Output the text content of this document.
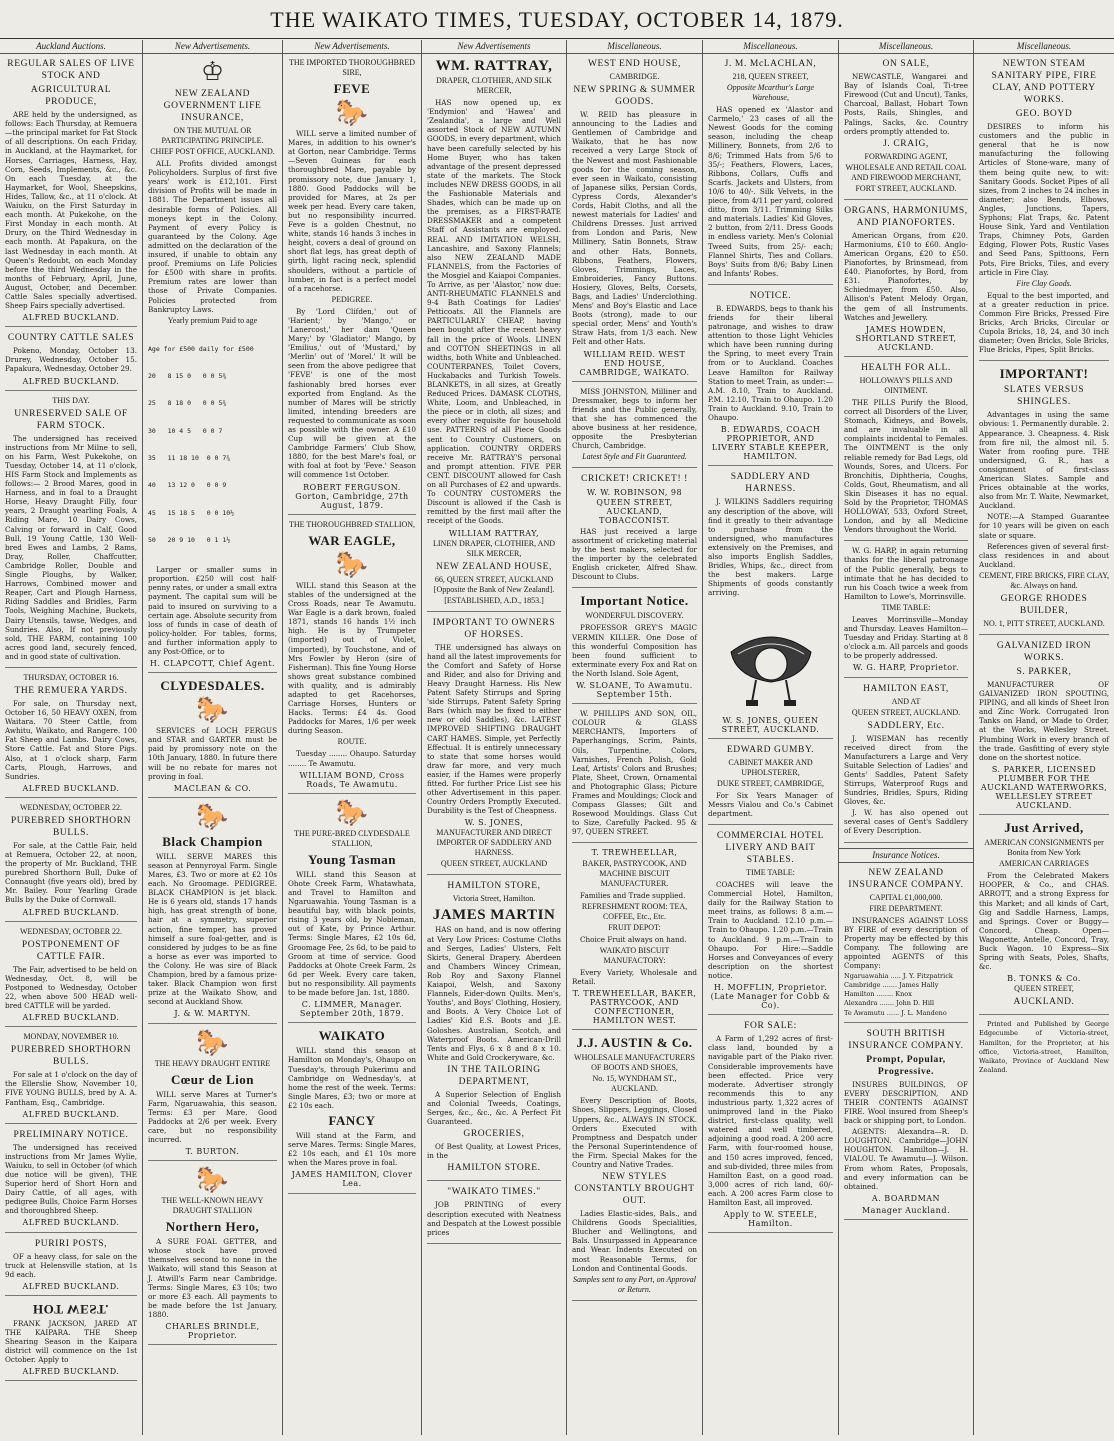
THE WAIKATO TIMES, TUESDAY, OCTOBER 14, 1879.
Auckland Auctions.
REGULAR SALES OF LIVE STOCK AND
AGRICULTURAL PRODUCE,

ARE held by the undersigned, as follows: Each Thursday, at Remuera—the principal market for Fat Stock of all descriptions. On each Friday, in Auckland, at the Haymarket, for Horses, Carriages, Harness, Hay, Corn, Seeds, Implements, &c., &c. On each Tuesday, at the Haymarket, for Wool, Sheepskins, Hides, Tallow, &c., at 11 o'clock. At Waiuku, on the First Saturday in each month. At Pukekohe, on the First Monday in each month. At Drury, on the Third Wednesday in each month. At Papakura, on the last Wednesday in each month. At Queen's Redoubt, on each Monday before the third Wednesday in the months of February, April, June, August, October, and December. Cattle Sales specially advertised. Sheep Fairs specially advertised.

ALFRED BUCKLAND.
COUNTRY CATTLE SALES

Pokeno, Monday, October 13. Drurey, Wednesday, October 15. Papakura, Wednesday, October 29.

ALFRED BUCKLAND.
THIS DAY.
UNRESERVED SALE OF FARM STOCK.

The undersigned has received instructions from Mr Milne to sell, on his Farm, West Pukekohe, on Tuesday, October 14, at 11 o'clock, HIS Farm Stock and Implements as follows:— 2 Brood Mares, good in Harness, and in foal to a Draught Horse, Heavy Draught Filly, four years, 2 Draught yearling Foals, A Riding Mare, 10 Dairy Cows, Calving or forward in Calf, Good Bull, 19 Young Cattle, 130 Well-bred Ewes and Lambs, 2 Rams, Dray, Roller, Chaffcutter, Cambridge Roller, Double and Single Ploughs, by Walker, Harrows, Combined mower and Reaper, Cart and Plough Harness, Riding Saddles and Bridles, Farm Tools, Weighing Machine, Buckets, Dairy Utensils, tawse, Wedges, and Sundries. Also, If not previously sold, THE FARM, containing 100 acres good land, securely fenced, and in good state of cultivation.

THURSDAY, OCTOBER 16.
THE REMUERA YARDS.

For sale, on Thursday next, October 16, 50 HEAVY OXEN, from Waitara. 70 Steer Cattle, from Awhitu, Waikato, and Rangere. 100 Fat Sheep and Lambs. Dairy Cows, Store Cattle. Fat and Store Pigs. Also, at 1 o'clock sharp, Farm Carts, Plough, Harrows, and Sundries.

ALFRED BUCKLAND.
WEDNESDAY, OCTOBER 22.
PUREBRED SHORTHORN BULLS.

For sale, at the Cattle Fair, held at Remuera, October 22, at noon, the property of Mr. Buckland, THE purebred Shorthorn Bull, Duke of Connaught (five years old), bred by Mr. Bailey. Four Yearling Grade Bulls by the Duke of Cornwall.

ALFRED BUCKLAND.
WEDNESDAY, OCTOBER 22.
POSTPONEMENT OF CATTLE FAIR.

The Fair, advertised to be held on Wednesday, Oct. 8, will be Postponed to Wednesday, October 22, when above 500 HEAD well-bred CATTLE will be yarded.

ALFRED BUCKLAND.
MONDAY, NOVEMBER 10.
PUREBRED SHORTHORN BULLS.

For sale at 1 o'clock on the day of the Ellerslie Show, November 10, FIVE YOUNG BULLS, bred by A. A. Fantham, Esq., Cambridge.

ALFRED BUCKLAND.
PRELIMINARY NOTICE.

The undersigned has received instructions from Mr James Wylie, Waiuku, to sell in October (of which due notice will be given), THE Superior herd of Short Horn and Dairy Cattle, of all ages, with pedigree Bulls, Choice Farm Horses and thoroughbred Sheep.

ALFRED BUCKLAND.
PURIRI POSTS,

OF a heavy class, for sale on the truck at Helensville station, at 1s 9d each.

ALFRED BUCKLAND.
HOT WEST.

FRANK JACKSON, JARED AT THE KAIPARA. THE Sheep Shearing Season in the Kaipara district will commence on the 1st October. Apply to

ALFRED BUCKLAND.
New Advertisements.
♔
NEW ZEALAND GOVERNMENT LIFE INSURANCE,
ON THE MUTUAL OR PARTICIPATING PRINCIPLE.
CHIEF POST OFFICE, AUCKLAND.

ALL Profits divided amongst Policyholders. Surplus of first five years' work is £12,101. First division of Profits will be made in 1881. The Department issues all desirable forms of Policies. All moneys kept in the Colony. Payment of every Policy is guaranteed by the Colony. Age admitted on the declaration of the insured, if unable to obtain any proof. Premiums on Life Policies for £500 with share in profits. Premium rates are lower than those of Private Companies. Policies protected from Bankruptcy Laws.

Yearly premium Paid to age

Age for £500 daily for £500

20   8 15 0   0 0 5¾

25   8 18 0   0 0 5¾

30   10 4 5   0 0 7

35   11 18 10  0 0 7¾

40   13 12 0   0 0 9

45   15 18 5   0 0 10½

50   20 9 10   0 1 1½

Larger or smaller sums in proportion. £250 will cost half-penny rates, or under a small extra payment. The capital sum will be paid to insured on surviving to a certain age. Absolute security from loss of funds in case of death of policy-holder. For tables, forms, and further information apply to any Post-Office, or to

H. CLAPCOTT, Chief Agent.
CLYDESDALES.
🐎

SERVICES of LOCH FERGUS and STAR and GARTER must be paid by promissory note on the 10th January, 1880. In future there will be no rebate for mares not proving in foal.

MACLEAN & CO.
🐎
Black Champion

WILL SERVE MARES this season at Pennyroyal Farm. Single Mares, £3. Two or more at £2 10s each. No Groomage. PEDIGREE. BLACK CHAMPION is jet black. He is 6 years old, stands 17 hands high, has great strength of bone, hair at a symmetry, superior action, fine temper, has proved himself a sure foal-getter, and is considered by judges to be as fine a horse as ever was imported to the Colony. He was sire of Black Champion, bred by a famous prize-taker. Black Champion won first prize at the Waikato Show, and second at Auckland Show.

J. & W. MARTYN.
🐎
THE HEAVY DRAUGHT ENTIRE
Cœur de Lion

WILL serve Mares at Turner's Farm, Ngaruawahia, this season. Terms: £3 per Mare. Good Paddocks at 2/6 per week. Every care, but no responsibility incurred.

T. BURTON.
🐎
THE WELL-KNOWN HEAVY DRAUGHT STALLION
Northern Hero,

A SURE FOAL GETTER, and whose stock have proved themselves second to none in the Waikato, will stand this Season at J. Atwill's Farm near Cambridge. Terms: Single Mares, £3 10s; two or more £3 each. All payments to be made before the 1st January, 1880.

CHARLES BRINDLE, Proprietor.
New Advertisements.
THE IMPORTED THOROUGHBRED SIRE,
FEVE
🐎

WILL serve a limited number of Mares, in addition to his owner's at Gorton, near Cambridge. Terms—Seven Guineas for each thoroughbred Mare, payable by promissory note, due January 1, 1880. Good Paddocks will be provided for Mares, at 2s per week per head. Every care taken, but no responsibility incurred. Feve is a golden Chestnut, no white, stands 16 hands 3 inches in height, covers a deal of ground on short flat legs, has great depth of girth, light racing neck, splendid shoulders, without a particle of lumber, in fact is a perfect model of a racehorse.

PEDIGREE.

By 'Lord Clifden,' out of 'Harient;' by 'Mango,' or 'Lanercost,' her dam 'Queen Mary;' by 'Gladiator;' Mango, by 'Emilius,' out of 'Mustard,' by 'Merlin' out of 'Morel.' It will be seen from the above pedigree that 'FEVE' is one of the most fashionably bred horses ever exported from England. As the number of Mares will be strictly limited, intending breeders are requested to communicate as soon as possible with the owner. A £10 Cup will be given at the Cambridge Farmers' Club Show, 1880, for the best Mare's foal, or with foal at foot by 'Feve.' Season will commence 1st October.

ROBERT FERGUSON. Gorton, Cambridge, 27th August, 1879.
THE THOROUGHBRED STALLION,
WAR EAGLE,
🐎

WILL stand this Season at the stables of the undersigned at the Cross Roads, near Te Awamutu. War Eagle is a dark brown, foaled 1871, stands 16 hands 1½ inch high. He is by Trumpeter (imported) out of Violet, (imported), by Touchstone, and of Mrs Fowler by Heron (sire of Fisherman). This fine Young Horse shows great substance combined with quality, and is admirably adapted to get Racehorses, Carriage Horses, Hunters or Hacks. Terms: £4 4s. Good Paddocks for Mares, 1/6 per week during Season.

ROUTE.

Tuesday ........ Ohaupo. Saturday ........ Te Awamutu.

WILLIAM BOND, Cross Roads, Te Awamutu.
🐎
THE PURE-BRED CLYDESDALE STALLION,
Young Tasman

WILL stand this Season at Ohote Creek Farm, Whatawhata, and Travel to Hamilton and Ngaruawahia. Young Tasman is a beautiful bay, with black points, rising 3 years old, by Nobleman, out of Kate, by Prince Arthur. Terms: Single Mares, £2 10s 6d, Groomage Fee, 2s 6d, to be paid to Groom at time of service. Good Paddocks at Ohote Creek Farm, 2s 6d per Week. Every care taken, but no responsibility. All payments to be made before Jan. 1st, 1880.

C. LIMMER, Manager. September 20th, 1879.
WAIKATO

WILL stand this season at Hamilton on Monday's, Ohaupo on Tuesday's, through Pukerimu and Cambridge on Wednesday's, at home the rest of the week. Terms: Single Mares, £3; two or more at £2 10s each.

FANCY

Will stand at the Farm, and serve Mares. Terms: Single Mares, £2 10s each, and £1 10s more when the Mares prove in foal.

JAMES HAMILTON, Clover Lea.
New Advertisements
WM. RATTRAY,
DRAPER, CLOTHIER, AND SILK MERCER,

HAS now opened up, ex 'Endymion' and 'Hawea' and 'Zealandia', a large and Well assorted Stock of NEW AUTUMN GOODS, in every department, which have been carefully selected by his Home Buyer, who has taken advantage of the present depressed state of the markets. The Stock includes NEW DRESS GOODS, in all the Fashionable Materials and Shades, which can be made up on the premises, as a FIRST-RATE DRESSMAKER and a competent Staff of Assistants are employed. REAL AND IMITATION WELSH, Lancashire, and Saxony Flannels; also NEW ZEALAND MADE FLANNELS, from the Factories of the Mosgiel and Kaiapoi Companies. To Arrive, as per 'Alastor,' now due: ANTI-RHEUMATIC FLANNELS and 9-4 Bath Coatings for Ladies' Petticoats. All the Flannels are PARTICULARLY CHEAP, having been bought after the recent heavy fall in the price of Wools. LINEN and COTTON SHEETINGS in all widths, both White and Unbleached. COUNTERPANES, Toilet Covers, Huckabacks and Turkish Towels. BLANKETS, in all sizes, at Greatly Reduced Prices. DAMASK CLOTHS, White, Loom, and Unbleached, in the piece or in cloth, all sizes; and every other requisite for household use. PATTERNS of all Piece Goods sent to Country Customers, on application. COUNTRY ORDERS receive Mr. RATTRAY'S personal and prompt attention. FIVE PER CENT. DISCOUNT allowed for Cash on all Purchases of £2 and upwards. To COUNTRY CUSTOMERS the Discount is allowed if the Cash is remitted by the first mail after the receipt of the Goods.

WILLIAM RATTRAY,
LINEN DRAPER, CLOTHIER, AND SILK MERCER,
NEW ZEALAND HOUSE,
66, QUEEN STREET, AUCKLAND [Opposite the Bank of New Zealand].
[ESTABLISHED, A.D., 1853.]
IMPORTANT TO OWNERS OF HORSES.

THE undersigned has always on hand all the latest improvements for the Comfort and Safety of Horse and Rider, and also for Driving and Heavy Draught Harness. His New Patent Safety Stirrups and Spring 'side Stirrups, Patent Safety Spring Bars (which may be fixed to either new or old Saddles), &c. LATEST IMPROVED SHIFTING DRAUGHT CART HAMES. Simple, yet Perfectly Effectual. It is entirely unnecessary to state that some horses would draw far more, and very much easier, if the Hames were properly fitted. For further Price List see his other Advertisement in this paper. Country Orders Promptly Executed. Durability is the Test of Cheapness.

W. S. JONES,
MANUFACTURER AND DIRECT IMPORTER OF SADDLERY AND HARNESS.
QUEEN STREET, AUCKLAND
HAMILTON STORE,
Victoria Street, Hamilton.
JAMES MARTIN

HAS on hand, and is now offering at Very Low Prices: Costume Cloths and Serges, Ladies' Ulsters, Felt Skirts, General Drapery. Aberdeen and Chambers Wincey Crimean, Rob Roy and Saxony Flannel Kaiapoi, Welsh, and Saxony Flannels, Eider-down Quilts. Men's, Youths', and Boys' Clothing, Hosiery, and Boots. A Very Choice Lot of Ladies' Kid E.S. Boots and J.E. Goloshes. Australian, Scotch, and Waterproof Boots. American-Drill Tents and Flys, 6 x 8 and 8 x 10. White and Gold Crockeryware, &c.

IN THE TAILORING DEPARTMENT,

A Superior Selection of English and Colonial Tweeds, Coatings, Serges, &c., &c., &c. A Perfect Fit Guaranteed.

GROCERIES,

Of Best Quality, at Lowest Prices, in the

HAMILTON STORE.
"WAIKATO TIMES."

JOB PRINTING of every description executed with Neatness and Despatch at the Lowest possible prices

Miscellaneous.
WEST END HOUSE,
CAMBRIDGE.
NEW SPRING & SUMMER GOODS.

W. REID has pleasure in announcing to the Ladies and Gentlemen of Cambridge and Waikato, that he has now received a very Large Stock of the Newest and most Fashionable goods for the coming season, ever seen in Waikato, consisting of Japanese silks, Persian Cords, Cypress Cords, Alexander's Cords, Habit Cloths, and all the newest materials for Ladies' and Childrens Dresses. Just arrived from London and Paris, New Millinery, Satin Bonnets, Straw and other Hats, Bonnets, Ribbons, Feathers, Flowers, Gloves, Trimmings, Laces, Embroideries, Fancy Buttons. Hosiery, Gloves, Belts, Corsets, Bags, and Ladies' Underclothing. Mens' and Boy's Elastic and Lace Boots (strong), made to our special order, Mens' and Youth's Straw Hats, from 1/3 each. New Felt and other Hats.

WILLIAM REID. WEST END HOUSE, CAMBRIDGE, WAIKATO.

MISS JOHNSTON, Milliner and Dressmaker, begs to inform her friends and the Public generally, that she has commenced the above business at her residence, opposite the Presbyterian Church, Cambridge.

Latest Style and Fit Guaranteed.
CRICKET! CRICKET! !
W. W. ROBINSON, 98 QUEEN STREET, AUCKLAND, TOBACCONIST.

HAS just received a large assortment of cricketing material by the best makers, selected for the importer by the celebrated English cricketer, Alfred Shaw. Discount to Clubs.

Important Notice.
WONDERFUL DISCOVERY.

PROFESSOR GREY'S MAGIC VERMIN KILLER. One Dose of this wonderful Composition has been found sufficient to exterminate every Fox and Rat on the North Island. Sole Agent,

W. SLOANE, To Awamutu. September 15th.

W. PHILLIPS AND SON, OIL, COLOUR & GLASS MERCHANTS, Importers of Paperhangings, Scrim, Paints, Oils, Turpentine, Colors, Varnishes, French Polish, Gold Leaf, Artists' Colors and Brushes; Plate, Sheet, Crown, Ornamental and Photographic Glass; Picture Frames and Mouldings; Clock and Compass Glasses; Gilt and Rosewood Mouldings. Glass Cut to Size, Carefully Packed. 95 & 97, QUEEN STREET.

T. TREWHEELLAR,
BAKER, PASTRYCOOK, AND MACHINE BISCUIT MANUFACTURER.

Families and Trade supplied.

REFRESHMENT ROOM: TEA, COFFEE, Etc., Etc.
FRUIT DEPOT:

Choice Fruit always on hand.

WAIKATO BISCUIT MANUFACTORY:

Every Variety, Wholesale and Retail.

T. TREWHEELLAR, BAKER, PASTRYCOOK, AND CONFECTIONER, HAMILTON WEST.
J.J. AUSTIN & Co.
WHOLESALE MANUFACTURERS OF BOOTS AND SHOES,
No. 15, WYNDHAM ST., AUCKLAND.

Every Description of Boots, Shoes, Slippers, Leggings, Closed Uppers, &c., ALWAYS IN STOCK. Orders Executed with Promptness and Despatch under the Personal Superintendence of the Firm. Special Makes for the Country and Native Trades.

NEW STYLES CONSTANTLY BROUGHT OUT.

Ladies Elastic-sides, Bals., and Childrens Goods Specialities, Blucher and Wellingtons, and Bals. Unsurpassed in Appearance and Wear. Indents Executed on most Reasonable Terms, for London and Continental Goods.

Samples sent to any Port, on Approval or Return.
Miscellaneous.
J. M. McLACHLAN,
218, QUEEN STREET,
Opposite Mcarthur's Large Warehouse,

HAS opened ex 'Alastor and Carmelo,' 23 cases of all the Newest Goods for the coming season, including the cheap Millinery, Bonnets, from 2/6 to 8/6; Trimmed Hats from 5/6 to 35/-; Feathers, Flowers, Laces, Ribbons, Collars, Cuffs and Scarfs. Jackets and Ulsters, from 10/6 to 40/-. Silk Velvets, in the piece, from 4/11 per yard, colored ditto, from 3/11. Trimming Silks and materials. Ladies' Kid Gloves, 2 button, from 2/11. Dress Goods in endless variety. Men's Colonial Tweed Suits, from 25/- each; Flannel Shirts, Ties and Collars. Boys' Suits from 8/6; Baby Linen and Infants' Robes.

NOTICE.

B. EDWARDS, begs to thank his friends for their liberal patronage, and wishes to draw attention to those Light Vehicles which have been running during the Spring, to meet every Train from or to Auckland. Coaches Leave Hamilton for Railway Station to meet Train, as under:— A.M. 8.10, Train to Auckland. P.M. 12.10, Train to Ohaupo. 1.20 Train to Auckland. 9.10, Train to Ohaupo.

B. EDWARDS, COACH PROPRIETOR, AND LIVERY STABLE KEEPER, HAMILTON.
SADDLERY AND HARNESS.

J. WILKINS Saddlers requiring any description of the above, will find it greatly to their advantage to purchase from the undersigned, who manufactures extensively on the Premises, and also imports English Saddles, Bridles, Whips, &c., direct from the best makers. Large Shipments of goods constantly arriving.

W. S. JONES, QUEEN STREET, AUCKLAND.
EDWARD GUMBY.
CABINET MAKER AND UPHOLSTERER,
DUKE STREET, CAMBRIDGE,

For Six Years Manager of Messrs Vialou and Co.'s Cabinet department.

COMMERCIAL HOTEL LIVERY AND BAIT STABLES.
TIME TABLE:

COACHES will leave the Commercial Hotel, Hamilton, daily for the Railway Station to meet trains, as follows: 8 a.m.—Train to Auckland. 12.10 p.m.—Train to Ohaupo. 1.20 p.m.—Train to Auckland. 9 p.m.—Train to Ohaupo. For Hire:—Saddle Horses and Conveyances of every description on the shortest notice.

H. MOFFLIN, Proprietor. (Late Manager for Cobb & Co).
FOR SALE:

A Farm of 1,292 acres of first-class land, bounded by a navigable part of the Piako river. Considerable improvements have been effected. Price very moderate. Advertiser strongly recommends this to any industrious party. 1,322 acres of unimproved land in the Piako district, first-class quality, well watered and well timbered, adjoining a good road. A 200 acre Farm, with four-roomed house, and 150 acres improved, fenced, and sub-divided, three miles from Hamilton East, on a good road. 3,000 acres of rich land, 60/- each. A 200 acres Farm close to Hamilton East, all improved.

Apply to W. STEELE, Hamilton.
Miscellaneous.
ON SALE,

NEWCASTLE, Wangarei and Bay of Islands Coal, Ti-tree Firewood (Cut and Uncut), Tanks, Charcoal, Ballast, Hobart Town Posts, Rails, Shingles, and Palings, Sacks, &c. Country orders promptly attended to.

J. CRAIG,
FORWARDING AGENT,
WHOLESALE AND RETAIL COAL AND FIREWOOD MERCHANT,
FORT STREET, AUCKLAND.
ORGANS, HARMONIUMS, AND PIANOFORTES.

American Organs, from £20. Harmoniums, £10 to £60. Anglo-American Organs, £20 to £50. Pianofortes, by Brinsmead, from £40. Pianofortes, by Bord, from £31. Pianofortes, by Schiedmayer, from £50. Also, Allison's Patent Melody Organ, the gem of all Instruments. Watches and Jewellery.

JAMES HOWDEN, SHORTLAND STREET, AUCKLAND.
HEALTH FOR ALL.
HOLLOWAY'S PILLS AND OINTMENT.

THE PILLS Purify the Blood, correct all Disorders of the Liver, Stomach, Kidneys, and Bowels, and are invaluable in all complaints incidental to Females. The OINTMENT is the only reliable remedy for Bad Legs, old Wounds, Sores, and Ulcers. For Bronchitis, Diphtheria, Coughs, Colds, Gout, Rheumatism, and all Skin Diseases it has no equal. Sold by the Proprietor, THOMAS HOLLOWAY, 533, Oxford Street, London, and by all Medicine Vendors throughout the World.

W. G. HARP, in again returning thanks for the liberal patronage of the Public generally, begs to intimate that he has decided to run his Coach twice a week from Hamilton to Lowe's, Morrinsville.

TIME TABLE:

Leaves Morrinsville—Monday and Thursday. Leaves Hamilton—Tuesday and Friday. Starting at 8 o'clock a.m. All parcels and goods to be properly addressed.

W. G. HARP, Proprietor.
HAMILTON EAST,
AND AT
QUEEN STREET, AUCKLAND.
SADDLERY, Etc.

J. WISEMAN has recently received direct from the Manufacturers a Large and Very Suitable Selection of Ladies' and Gents' Saddles, Patent Safety Stirrups, Waterproof Rugs and Sundries, Bridles, Spurs, Riding Gloves, &c.

J. W. has also opened out several cases of Gent's Saddlery of Every Description.

Insurance Notices.
NEW ZEALAND INSURANCE COMPANY.
CAPITAL £1,000,000.
FIRE DEPARTMENT.

INSURANCES AGAINST LOSS BY FIRE of every description of Property may be effected by this Company. The following are appointed AGENTS of this Company:

Ngaruawahia ..... J. Y. Fitzpatrick
Cambridge ....... James Hally
Hamilton ........ Knox
Alexandra ....... John D. Hill
Te Awamutu ...... J. L. Mandeno
SOUTH BRITISH INSURANCE COMPANY.
Prompt, Popular, Progressive.

INSURES BUILDINGS, OF EVERY DESCRIPTION, AND THEIR CONTENTS AGAINST FIRE. Wool insured from Sheep's back or shipping port, to London.

AGENTS: Alexandra—R. D. LOUGHTON. Cambridge—JOHN HOUGHTON. Hamilton—J. H. VIALOU. Te Awamutu—J. Wilson. From whom Rates, Proposals, and every information can be obtained.

A. BOARDMAN
Manager Auckland.
Miscellaneous.
NEWTON STEAM SANITARY PIPE, FIRE CLAY, AND POTTERY WORKS.
GEO. BOYD

DESIRES to inform his customers and the public in general that he is now manufacturing the following Articles of Stone-ware, many of them being quite new, to wit: Sanitary Goods. Socket Pipes of all sizes, from 2 inches to 24 inches in diameter; also Bends, Elbows, Angles, Junctions, Tapers, Syphons; Flat Traps, &c. Patent House Sink, Yard and Ventilation Traps, Chimney Pots, Garden Edging, Flower Pots, Rustic Vases and Seed Pans, Spittoons, Fern Pots, Fire Bricks, Tiles, and every article in Fire Clay.

Fire Clay Goods.

Equal to the best imported, and at a greater reduction in price. Common Fire Bricks, Pressed Fire Bricks, Arch Bricks, Circular or Cupola Bricks, 18, 24, and 30 inch diameter; Oven Bricks, Sole Bricks, Flue Bricks, Pipes, Split Bricks.

IMPORTANT!
SLATES VERSUS SHINGLES.

Advantages in using the same obvious: 1. Permanently durable. 2. Appearance. 3. Cheapness. 4. Risk from fire nil, the almost nil. 5. Water from roofing pure. THE undersigned, G. R., has a consignment of first-class American Slates. Sample and Prices obtainable at the works, also from Mr. T. Waite, Newmarket, Auckland.

NOTE:—A Stamped Guarantee for 10 years will be given on each slate or square.

References given of several first-class residences in and about Auckland.

CEMENT, FIRE BRICKS, FIRE CLAY, &c. Always on hand.
GEORGE RHODES BUILDER,
NO. 1, PITT STREET, AUCKLAND.
GALVANIZED IRON WORKS.
S. PARKER,

MANUFACTURER OF GALVANIZED IRON SPOUTING, PIPING, and all kinds of Sheet Iron and Zinc Work. Corrugated Iron Tanks on Hand, or Made to Order, at the Works, Wellesley Street. Plumbing Work in every branch of the trade. Gasfitting of every style done on the shortest notice.

S. PARKER, LICENSED PLUMBER FOR THE AUCKLAND WATERWORKS, WELLESLEY STREET AUCKLAND.
Just Arrived,
AMERICAN CONSIGNMENTS per Bonita from New York
AMERICAN CARRIAGES

From the Celebrated Makers HOOPER, & Co., and CHAS. ARROTT, and a strong Express for this Market; and all kinds of Cart, Gig and Saddle Harness, Lamps, and Springs. Cover or Buggy—Concord, Cheap. Open—Wagonette, Antelle, Concord, Tray, Buck Wagon. 10 Express—Six Spring with Seats, Poles, Shafts, &c.

B. TONKS & Co.
QUEEN STREET,
AUCKLAND.

Printed and Published by George Edgecumbe of Victoria-street, Hamilton, for the Proprietor, at his office, Victoria-street, Hamilton, Waikato, Province of Auckland New Zealand.
